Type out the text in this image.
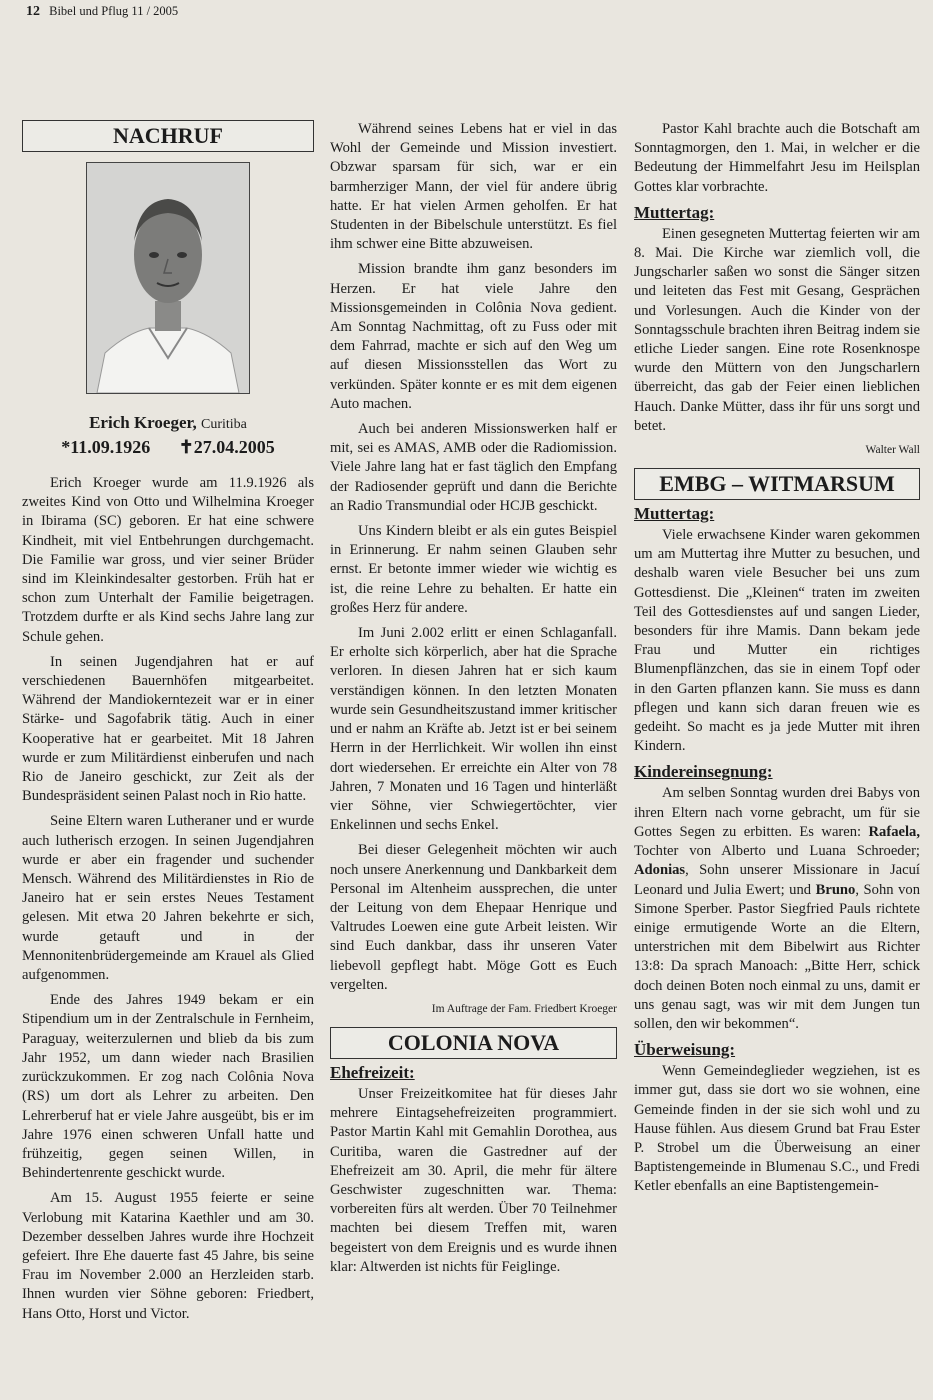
12 Bibel und Pflug 11 / 2005
NACHRUF
Erich Kroeger, Curitiba
*11.09.1926 ✝27.04.2005

Erich Kroeger wurde am 11.9.1926 als zweites Kind von Otto und Wilhelmina Kroeger in Ibirama (SC) geboren. Er hat eine schwere Kindheit, mit viel Entbehrungen durchgemacht. Die Familie war gross, und vier seiner Brüder sind im Kleinkindesalter gestorben. Früh hat er schon zum Unterhalt der Familie beigetragen. Trotzdem durfte er als Kind sechs Jahre lang zur Schule gehen.

In seinen Jugendjahren hat er auf verschiedenen Bauernhöfen mitgearbeitet. Während der Mandiokerntezeit war er in einer Stärke- und Sagofabrik tätig. Auch in einer Kooperative hat er gearbeitet. Mit 18 Jahren wurde er zum Militärdienst einberufen und nach Rio de Janeiro geschickt, zur Zeit als der Bundespräsident seinen Palast noch in Rio hatte.

Seine Eltern waren Lutheraner und er wurde auch lutherisch erzogen. In seinen Jugendjahren wurde er aber ein fragender und suchender Mensch. Während des Militärdienstes in Rio de Janeiro hat er sein erstes Neues Testament gelesen. Mit etwa 20 Jahren bekehrte er sich, wurde getauft und in der Mennonitenbrüdergemeinde am Krauel als Glied aufgenommen.

Ende des Jahres 1949 bekam er ein Stipendium um in der Zentralschule in Fernheim, Paraguay, weiterzulernen und blieb da bis zum Jahr 1952, um dann wieder nach Brasilien zurückzukommen. Er zog nach Colônia Nova (RS) um dort als Lehrer zu arbeiten. Den Lehrerberuf hat er viele Jahre ausgeübt, bis er im Jahre 1976 einen schweren Unfall hatte und frühzeitig, gegen seinen Willen, in Behindertenrente geschickt wurde.

Am 15. August 1955 feierte er seine Verlobung mit Katarina Kaethler und am 30. Dezember desselben Jahres wurde ihre Hochzeit gefeiert. Ihre Ehe dauerte fast 45 Jahre, bis seine Frau im November 2.000 an Herzleiden starb. Ihnen wurden vier Söhne geboren: Friedbert, Hans Otto, Horst und Victor.

Während seines Lebens hat er viel in das Wohl der Gemeinde und Mission investiert. Obzwar sparsam für sich, war er ein barmherziger Mann, der viel für andere übrig hatte. Er hat vielen Armen geholfen. Er hat Studenten in der Bibelschule unterstützt. Es fiel ihm schwer eine Bitte abzuweisen.

Mission brandte ihm ganz besonders im Herzen. Er hat viele Jahre den Missionsgemeinden in Colônia Nova gedient. Am Sonntag Nachmittag, oft zu Fuss oder mit dem Fahrrad, machte er sich auf den Weg um auf diesen Missionsstellen das Wort zu verkünden. Später konnte er es mit dem eigenen Auto machen.

Auch bei anderen Missionswerken half er mit, sei es AMAS, AMB oder die Radiomission. Viele Jahre lang hat er fast täglich den Empfang der Radiosender geprüft und dann die Berichte an Radio Transmundial oder HCJB geschickt.

Uns Kindern bleibt er als ein gutes Beispiel in Erinnerung. Er nahm seinen Glauben sehr ernst. Er betonte immer wieder wie wichtig es ist, die reine Lehre zu behalten. Er hatte ein großes Herz für andere.

Im Juni 2.002 erlitt er einen Schlaganfall. Er erholte sich körperlich, aber hat die Sprache verloren. In diesen Jahren hat er sich kaum verständigen können. In den letzten Monaten wurde sein Gesundheitszustand immer kritischer und er nahm an Kräfte ab. Jetzt ist er bei seinem Herrn in der Herrlichkeit. Wir wollen ihn einst dort wiedersehen. Er erreichte ein Alter von 78 Jahren, 7 Monaten und 16 Tagen und hinterläßt vier Söhne, vier Schwiegertöchter, vier Enkelinnen und sechs Enkel.

Bei dieser Gelegenheit möchten wir auch noch unsere Anerkennung und Dankbarkeit dem Personal im Altenheim aussprechen, die unter der Leitung von dem Ehepaar Henrique und Valtrudes Loewen eine gute Arbeit leisten. Wir sind Euch dankbar, dass ihr unseren Vater liebevoll gepflegt habt. Möge Gott es Euch vergelten.

Im Auftrage der Fam. Friedbert Kroeger
COLONIA NOVA
Ehefreizeit:

Unser Freizeitkomitee hat für dieses Jahr mehrere Eintagsehefreizeiten programmiert. Pastor Martin Kahl mit Gemahlin Dorothea, aus Curitiba, waren die Gastredner auf der Ehefreizeit am 30. April, die mehr für ältere Geschwister zugeschnitten war. Thema: vorbereiten fürs alt werden. Über 70 Teilnehmer machten bei diesem Treffen mit, waren begeistert von dem Ereignis und es wurde ihnen klar: Altwerden ist nichts für Feiglinge.

Pastor Kahl brachte auch die Botschaft am Sonntagmorgen, den 1. Mai, in welcher er die Bedeutung der Himmelfahrt Jesu im Heilsplan Gottes klar vorbrachte.

Muttertag:

Einen gesegneten Muttertag feierten wir am 8. Mai. Die Kirche war ziemlich voll, die Jungscharler saßen wo sonst die Sänger sitzen und leiteten das Fest mit Gesang, Gesprächen und Vorlesungen. Auch die Kinder von der Sonntagsschule brachten ihren Beitrag indem sie etliche Lieder sangen. Eine rote Rosenknospe wurde den Müttern von den Jungscharlern überreicht, das gab der Feier einen lieblichen Hauch. Danke Mütter, dass ihr für uns sorgt und betet.

Walter Wall
EMBG – WITMARSUM
Muttertag:

Viele erwachsene Kinder waren gekommen um am Muttertag ihre Mutter zu besuchen, und deshalb waren viele Besucher bei uns zum Gottesdienst. Die „Kleinen“ traten im zweiten Teil des Gottesdienstes auf und sangen Lieder, besonders für ihre Mamis. Dann bekam jede Frau und Mutter ein richtiges Blumenpflänzchen, das sie in einem Topf oder in den Garten pflanzen kann. Sie muss es dann pflegen und kann sich daran freuen wie es gedeiht. So macht es ja jede Mutter mit ihren Kindern.

Kindereinsegnung:

Am selben Sonntag wurden drei Babys von ihren Eltern nach vorne gebracht, um für sie Gottes Segen zu erbitten. Es waren: Rafaela, Tochter von Alberto und Luana Schroeder; Adonias, Sohn unserer Missionare in Jacuí Leonard und Julia Ewert; und Bruno, Sohn von Simone Sperber. Pastor Siegfried Pauls richtete einige ermutigende Worte an die Eltern, unterstrichen mit dem Bibelwirt aus Richter 13:8: Da sprach Manoach: „Bitte Herr, schick doch deinen Boten noch einmal zu uns, damit er uns genau sagt, was wir mit dem Jungen tun sollen, den wir bekommen“.

Überweisung:

Wenn Gemeindeglieder wegziehen, ist es immer gut, dass sie dort wo sie wohnen, eine Gemeinde finden in der sie sich wohl und zu Hause fühlen. Aus diesem Grund bat Frau Ester P. Strobel um die Überweisung an einer Baptistengemeinde in Blumenau S.C., und Fredi Ketler ebenfalls an eine Baptistengemein-
